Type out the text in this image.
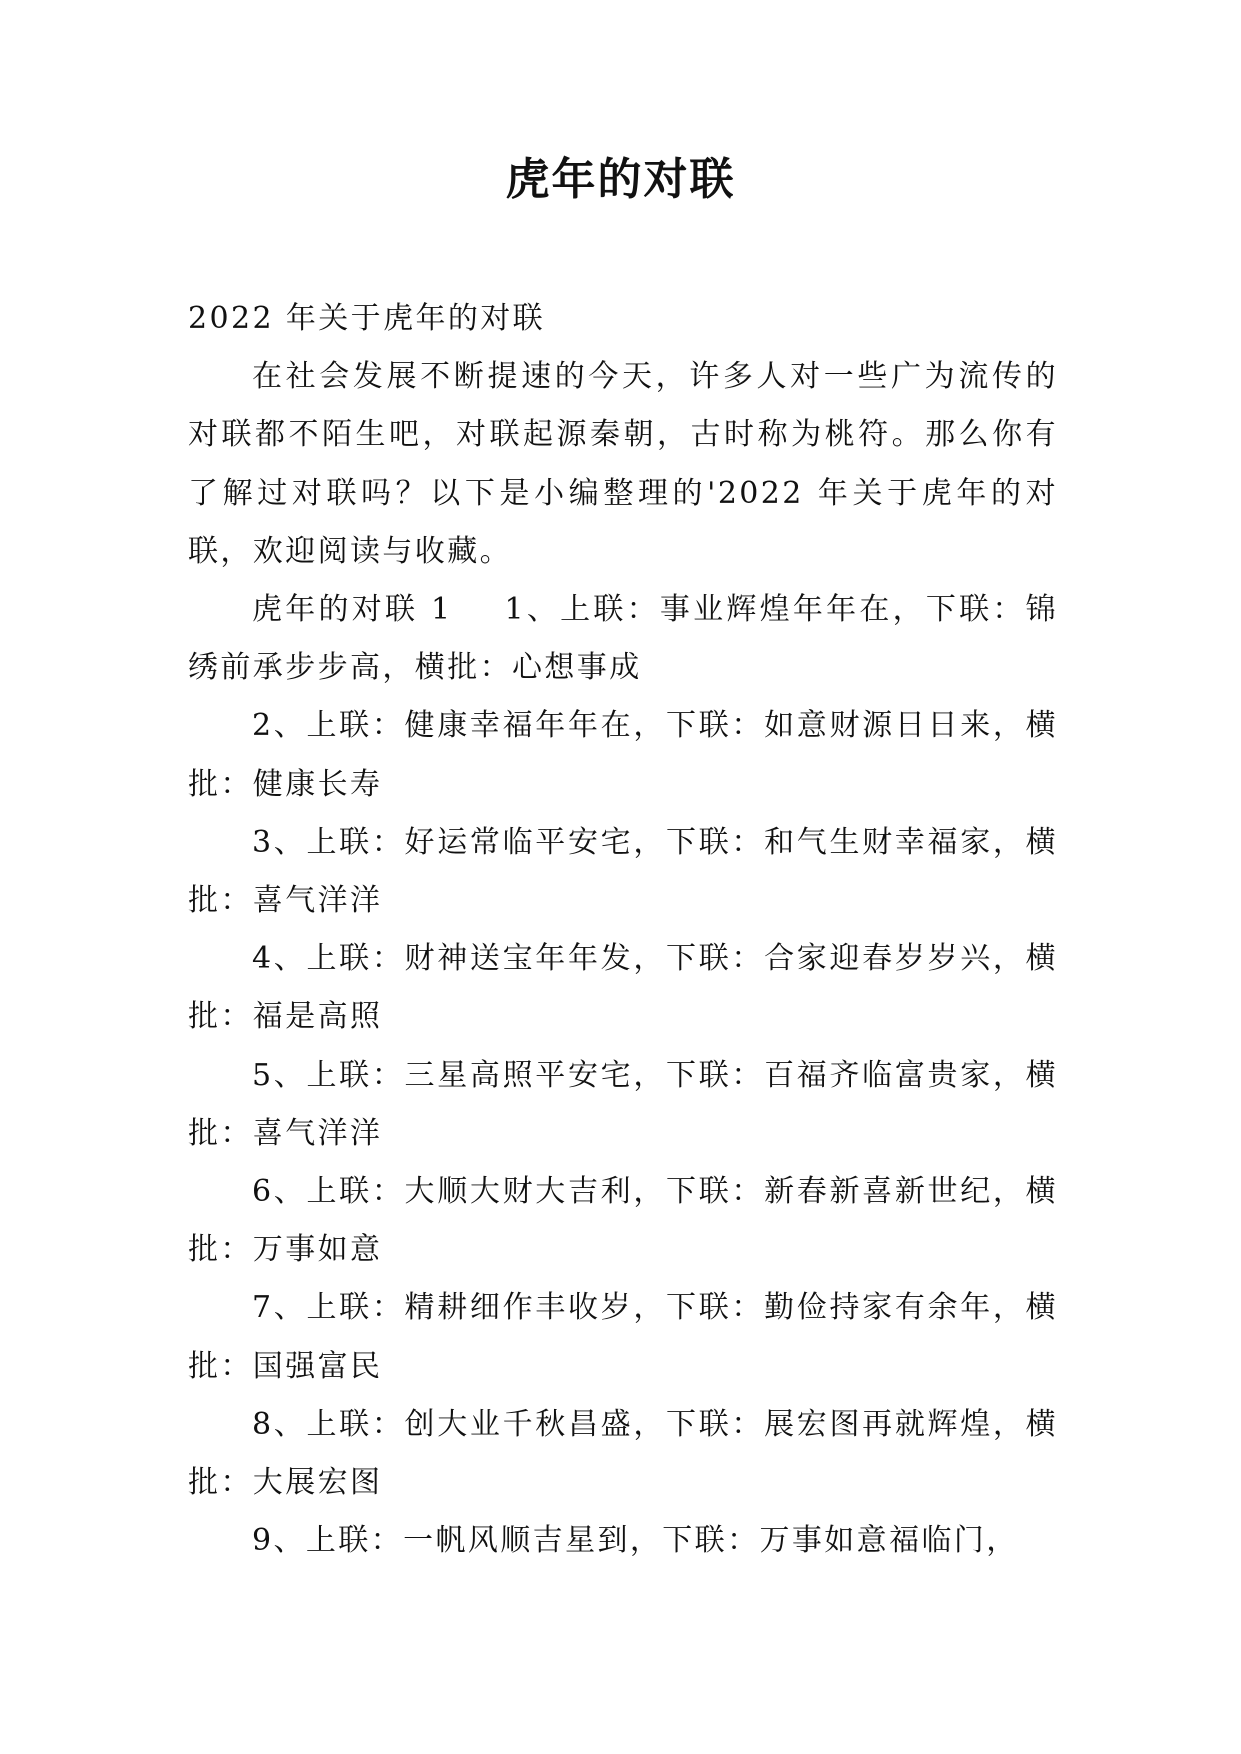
虎年的对联

2022 年关于虎年的对联

在社会发展不断提速的今天，许多人对一些广为流传的对联都不陌生吧，对联起源秦朝，古时称为桃符。那么你有了解过对联吗？以下是小编整理的'2022 年关于虎年的对联，欢迎阅读与收藏。

虎年的对联 1 1、上联：事业辉煌年年在，下联：锦绣前承步步高，横批：心想事成

2、上联：健康幸福年年在，下联：如意财源日日来，横批：健康长寿

3、上联：好运常临平安宅，下联：和气生财幸福家，横批：喜气洋洋

4、上联：财神送宝年年发，下联：合家迎春岁岁兴，横批：福是高照

5、上联：三星高照平安宅，下联：百福齐临富贵家，横批：喜气洋洋

6、上联：大顺大财大吉利，下联：新春新喜新世纪，横批：万事如意

7、上联：精耕细作丰收岁，下联：勤俭持家有余年，横批：国强富民

8、上联：创大业千秋昌盛，下联：展宏图再就辉煌，横批：大展宏图

9、上联：一帆风顺吉星到，下联：万事如意福临门，
